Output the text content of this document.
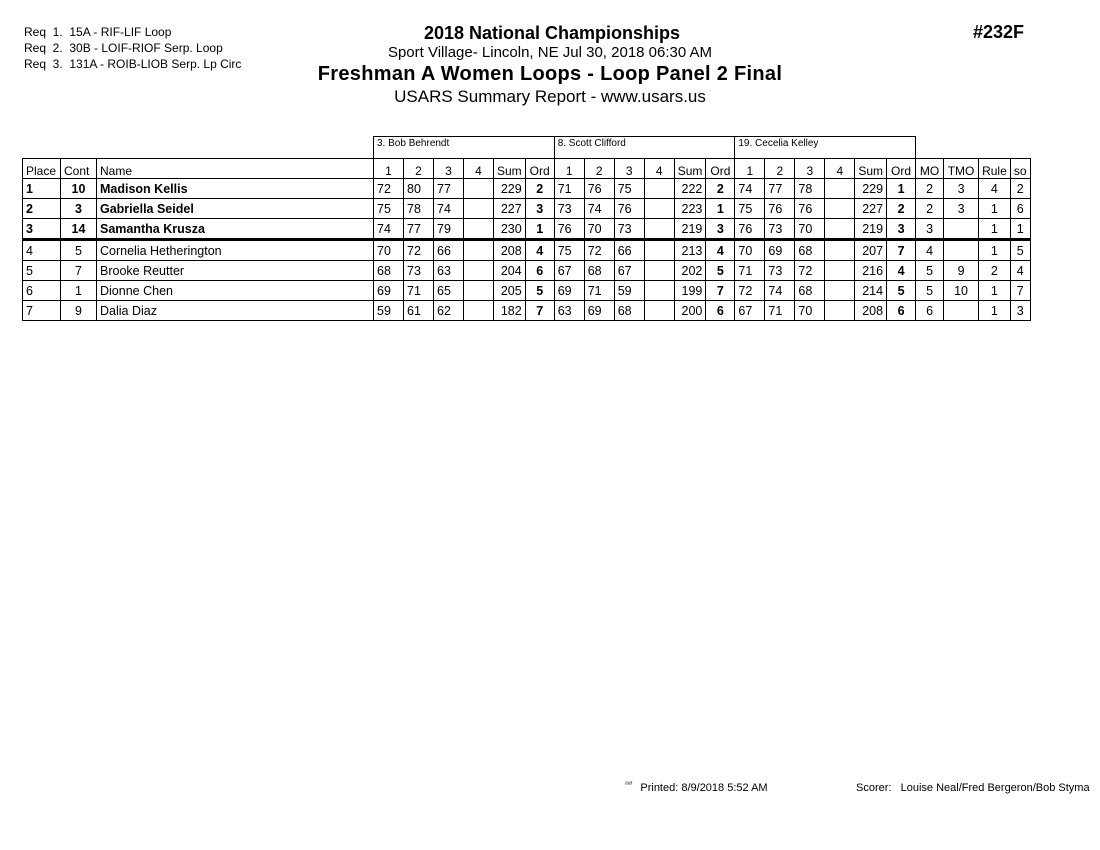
Req  1.  15A - RIF-LIF Loop
Req  2.  30B - LOIF-RIOF Serp. Loop
Req  3.  131A - ROIB-LIOB Serp. Lp Circ
2018 National Championships
Sport Village- Lincoln, NE Jul 30, 2018 06:30 AM
Freshman A Women Loops - Loop Panel 2 Final
USARS Summary Report - www.usars.us
#232F
			3. Bob Behrendt						8. Scott Clifford						19. Cecelia Kelley									
Place	Cont	Name	1	2	3	4	Sum	Ord	1	2	3	4	Sum	Ord	1	2	3	4	Sum	Ord	MO	TMO	Rule	so
1	10	Madison Kellis	72	80	77		229	2	71	76	75		222	2	74	77	78		229	1	2	3	4	2
2	3	Gabriella Seidel	75	78	74		227	3	73	74	76		223	1	75	76	76		227	2	2	3	1	6
3	14	Samantha Krusza	74	77	79		230	1	76	70	73		219	3	76	73	70		219	3	3		1	1
4	5	Cornelia Hetherington	70	72	66		208	4	75	72	66		213	4	70	69	68		207	7	4		1	5
5	7	Brooke Reutter	68	73	63		204	6	67	68	67		202	5	71	73	72		216	4	5	9	2	4
6	1	Dionne Chen	69	71	65		205	5	69	71	59		199	7	72	74	68		214	5	5	10	1	7
7	9	Dalia Diaz	59	61	62		182	7	63	69	68		200	6	67	71	70		208	6	6		1	3
$^{^{232}ᶠ}$ Printed: 8/9/2018 5:52 AM	Scorer:   Louise Neal/Fred Bergeron/Bob Styma
